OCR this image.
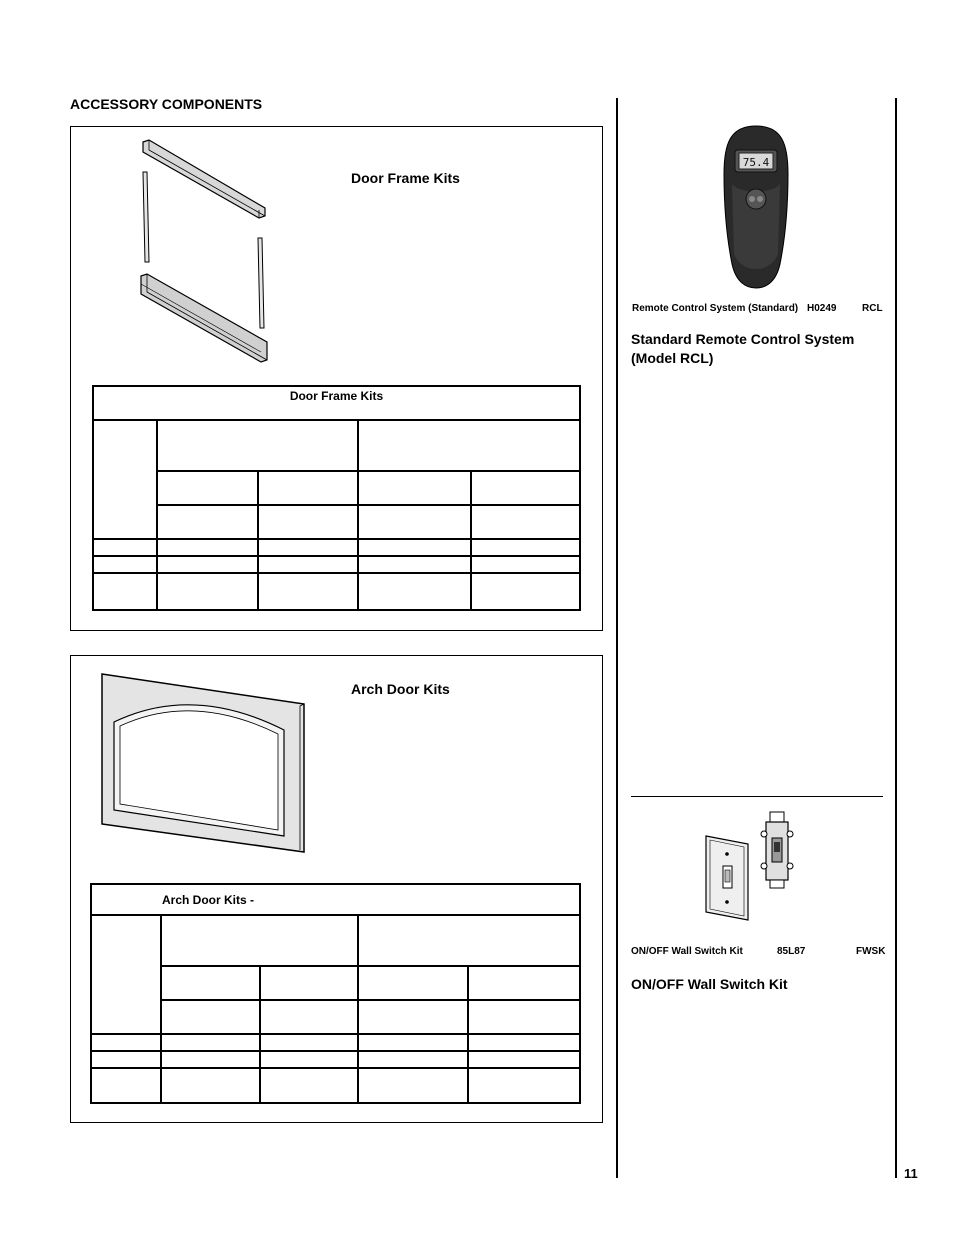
ACCESSORY COMPONENTS
Door Frame Kits
Door Frame Kits				

Arch Door Kits
Arch Door Kits -				

75.4
Remote Control System (Standard) H0249	RCL
Standard Remote Control System
(Model RCL)
ON/OFF Wall Switch Kit	85L87	FWSK
ON/OFF Wall Switch Kit
11
